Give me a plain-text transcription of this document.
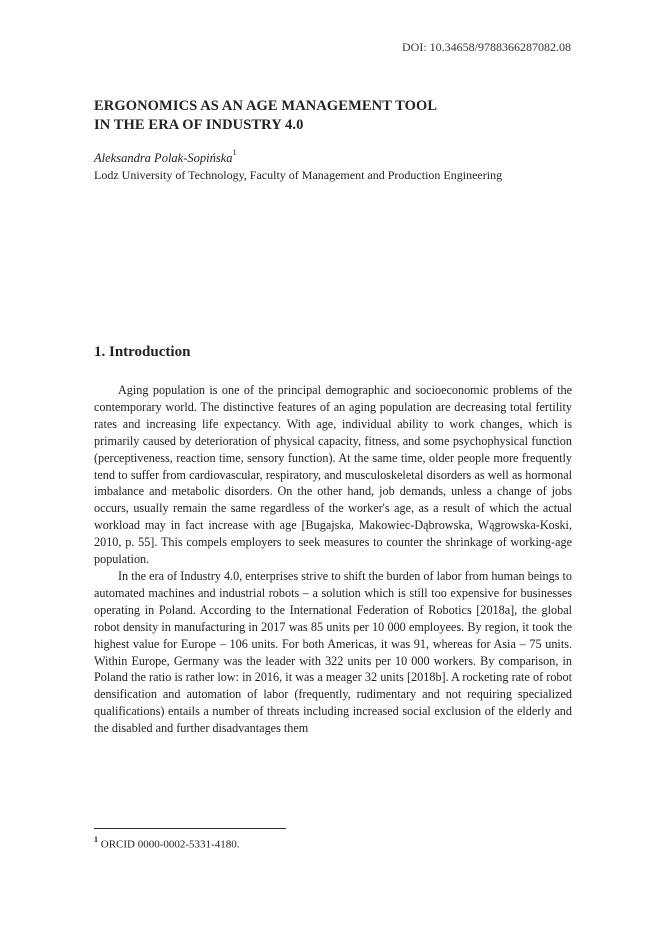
DOI: 10.34658/9788366287082.08
ERGONOMICS AS AN AGE MANAGEMENT TOOL
IN THE ERA OF INDUSTRY 4.0
Aleksandra Polak-Sopińska$^1$
Lodz University of Technology, Faculty of Management and Production Engineering
1. Introduction

Aging population is one of the principal demographic and socioeconomic problems of the contemporary world. The distinctive features of an aging population are decreasing total fertility rates and increasing life expectancy. With age, individual ability to work changes, which is primarily caused by deterioration of physical capacity, fitness, and some psychophysical function (perceptiveness, reaction time, sensory function). At the same time, older people more frequently tend to suffer from cardiovascular, respiratory, and musculoskeletal disorders as well as hormonal imbalance and metabolic disorders. On the other hand, job demands, unless a change of jobs occurs, usually remain the same regardless of the worker's age, as a result of which the actual workload may in fact increase with age [Bugajska, Makowiec-Dąbrowska, Wągrowska-Koski, 2010, p. 55]. This compels employers to seek measures to counter the shrinkage of working-age population.

In the era of Industry 4.0, enterprises strive to shift the burden of labor from human beings to automated machines and industrial robots – a solution which is still too expensive for businesses operating in Poland. According to the International Federation of Robotics [2018a], the global robot density in manufacturing in 2017 was 85 units per 10 000 employees. By region, it took the highest value for Europe – 106 units. For both Americas, it was 91, whereas for Asia – 75 units. Within Europe, Germany was the leader with 322 units per 10 000 workers. By comparison, in Poland the ratio is rather low: in 2016, it was a meager 32 units [2018b]. A rocketing rate of robot densification and automation of labor (frequently, rudimentary and not requiring specialized qualifications) entails a number of threats including increased social exclusion of the elderly and the disabled and further disadvantages them

$^1$ ORCID 0000-0002-5331-4180.
